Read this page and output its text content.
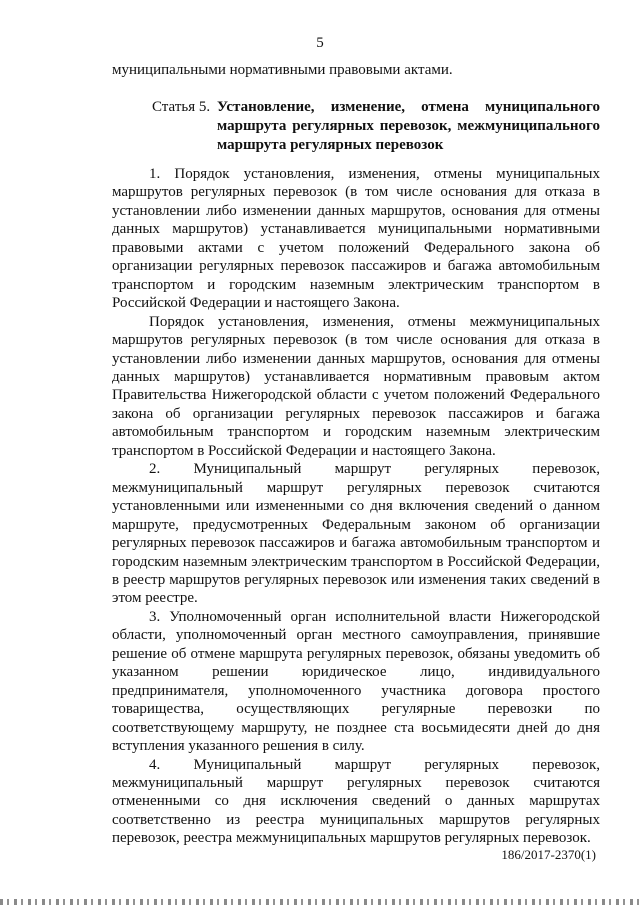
5
муниципальными нормативными правовыми актами.
Статья 5. Установление, изменение, отмена муниципального маршрута регулярных перевозок, межмуниципального маршрута регулярных перевозок

1. Порядок установления, изменения, отмены муниципальных маршрутов регулярных перевозок (в том числе основания для отказа в установлении либо изменении данных маршрутов, основания для отмены данных маршрутов) устанавливается муниципальными нормативными правовыми актами с учетом положений Федерального закона об организации регулярных перевозок пассажиров и багажа автомобильным транспортом и городским наземным электрическим транспортом в Российской Федерации и настоящего Закона.

Порядок установления, изменения, отмены межмуниципальных маршрутов регулярных перевозок (в том числе основания для отказа в установлении либо изменении данных маршрутов, основания для отмены данных маршрутов) устанавливается нормативным правовым актом Правительства Нижегородской области с учетом положений Федерального закона об организации регулярных перевозок пассажиров и багажа автомобильным транспортом и городским наземным электрическим транспортом в Российской Федерации и настоящего Закона.

2. Муниципальный маршрут регулярных перевозок, межмуниципальный маршрут регулярных перевозок считаются установленными или измененными со дня включения сведений о данном маршруте, предусмотренных Федеральным законом об организации регулярных перевозок пассажиров и багажа автомобильным транспортом и городским наземным электрическим транспортом в Российской Федерации, в реестр маршрутов регулярных перевозок или изменения таких сведений в этом реестре.

3. Уполномоченный орган исполнительной власти Нижегородской области, уполномоченный орган местного самоуправления, принявшие решение об отмене маршрута регулярных перевозок, обязаны уведомить об указанном решении юридическое лицо, индивидуального предпринимателя, уполномоченного участника договора простого товарищества, осуществляющих регулярные перевозки по соответствующему маршруту, не позднее ста восьмидесяти дней до дня вступления указанного решения в силу.

4. Муниципальный маршрут регулярных перевозок, межмуниципальный маршрут регулярных перевозок считаются отмененными со дня исключения сведений о данных маршрутах соответственно из реестра муниципальных маршрутов регулярных перевозок, реестра межмуниципальных маршрутов регулярных перевозок.

186/2017-2370(1)
